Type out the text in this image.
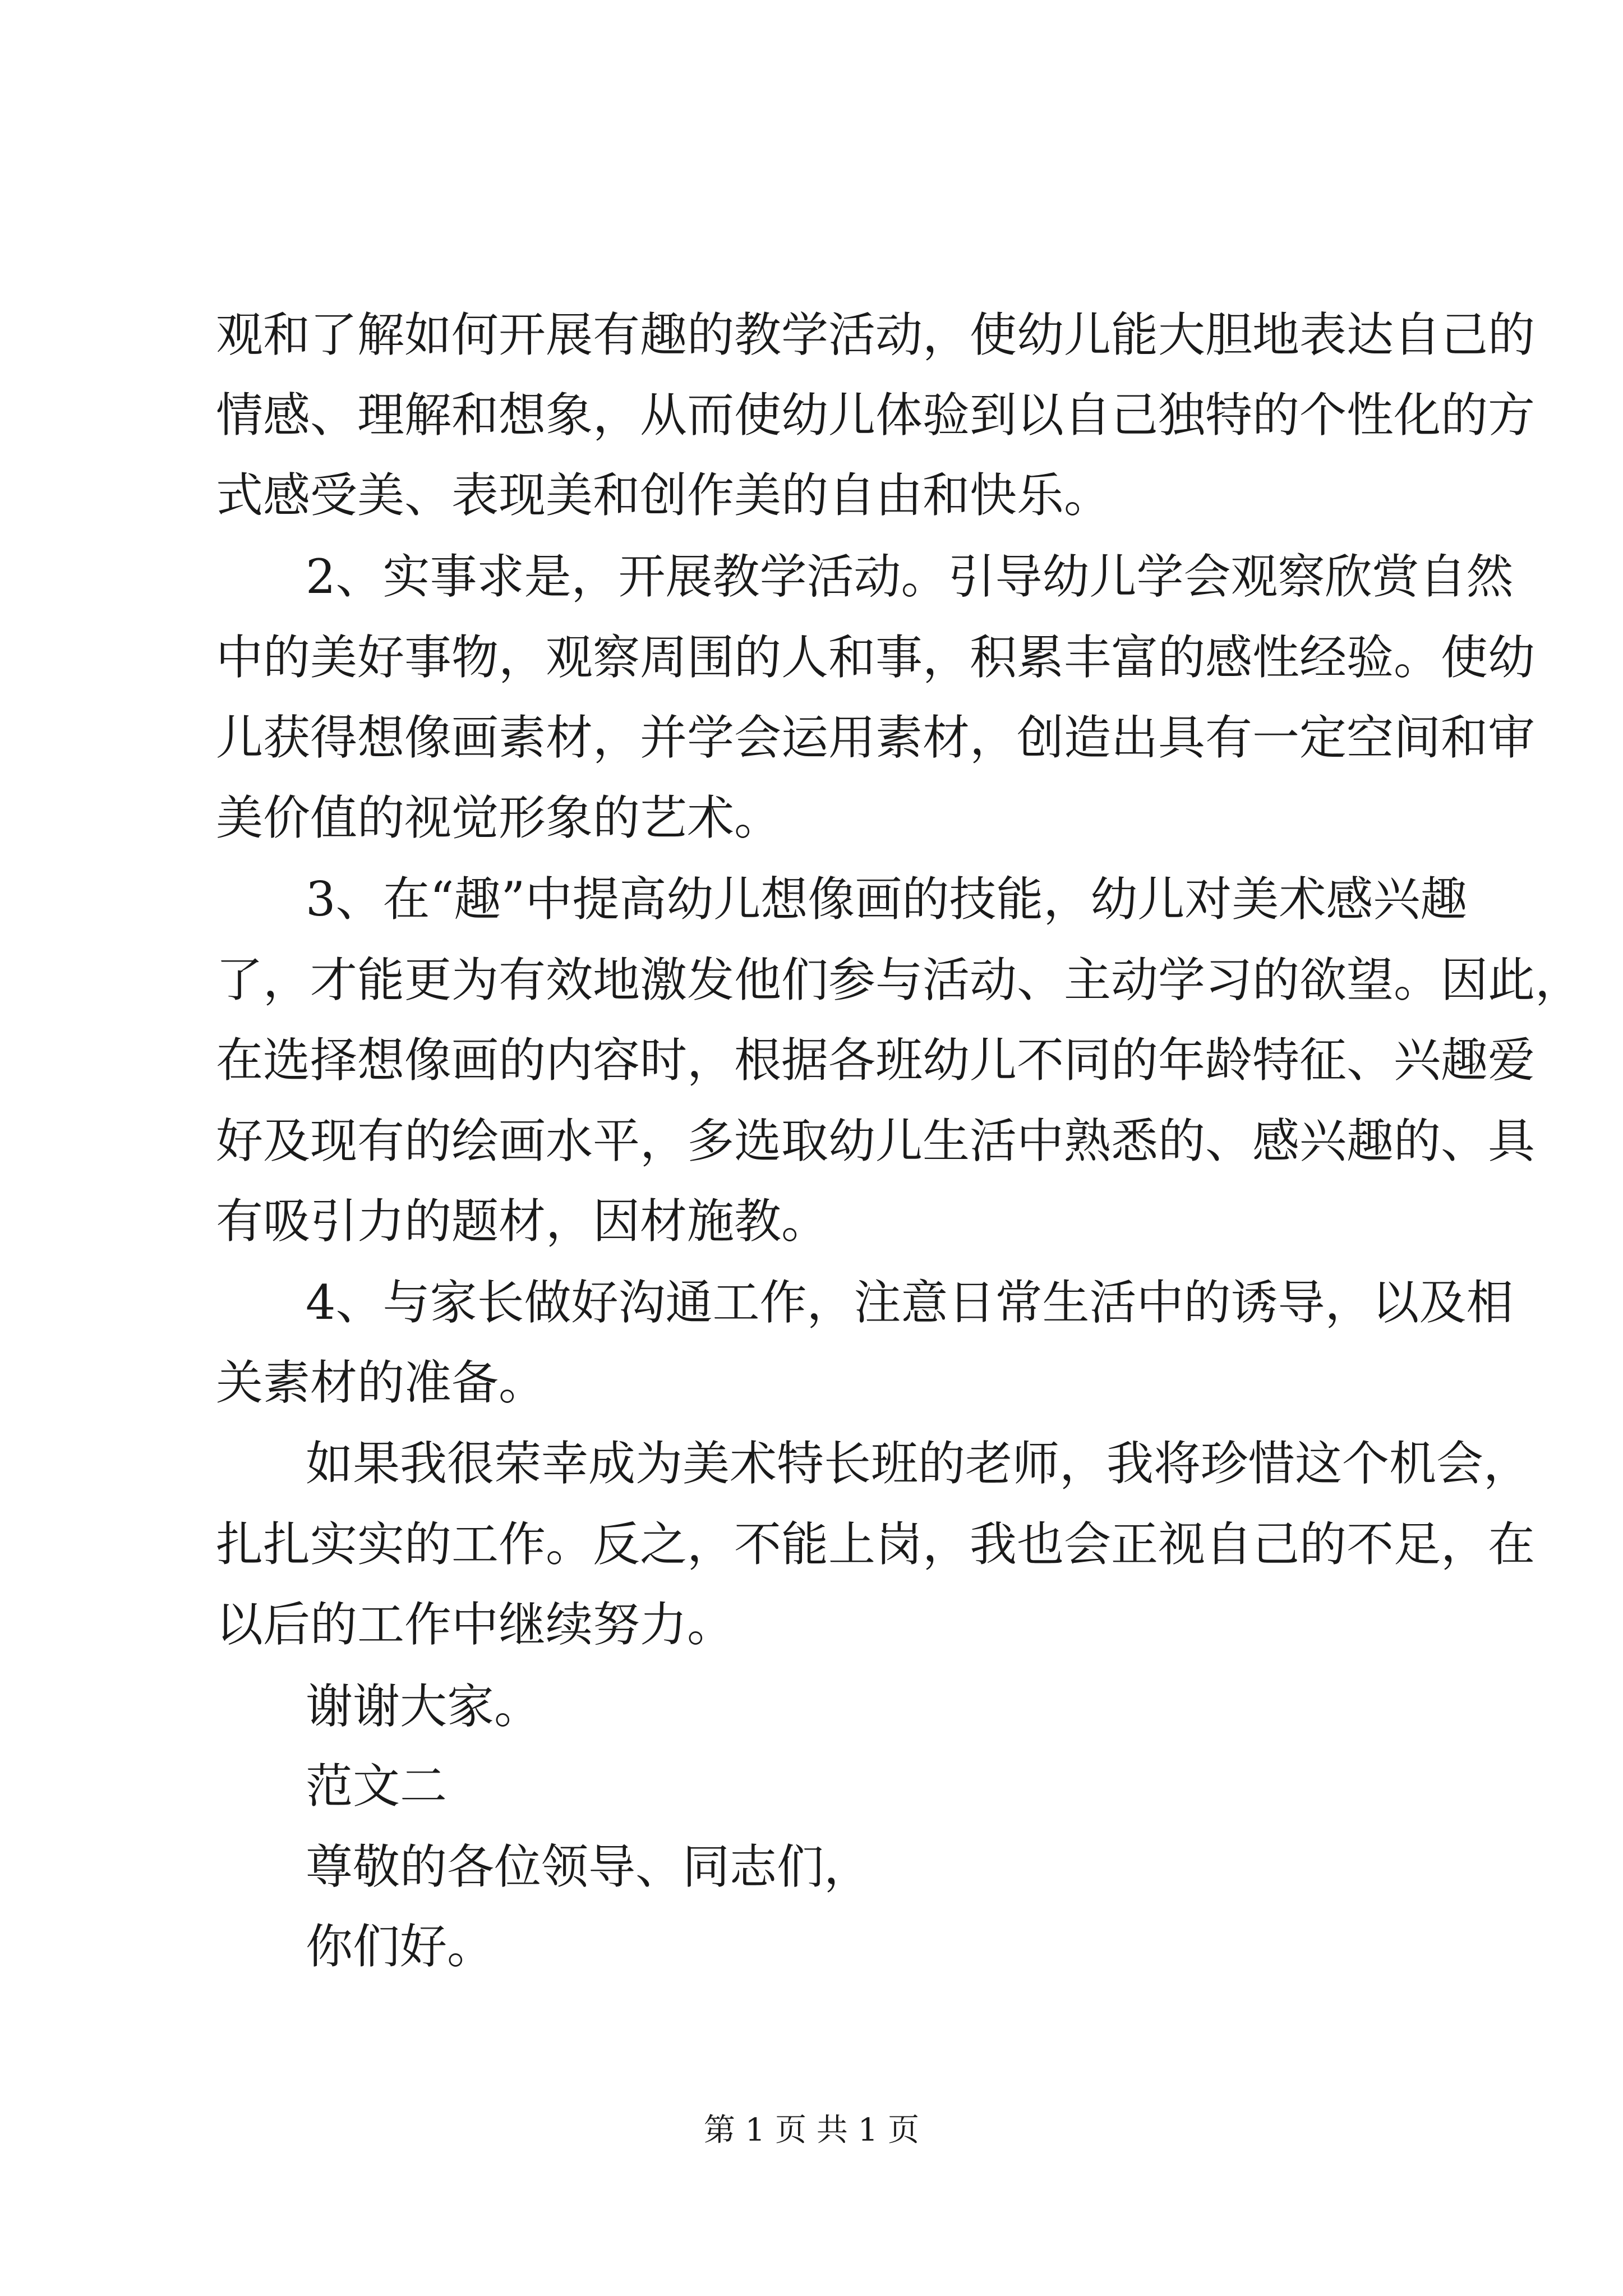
观和了解如何开展有趣的教学活动，使幼儿能大胆地表达自己的
情感、理解和想象，从而使幼儿体验到以自己独特的个性化的方
式感受美、表现美和创作美的自由和快乐。
2、实事求是，开展教学活动。引导幼儿学会观察欣赏自然
中的美好事物，观察周围的人和事，积累丰富的感性经验。使幼
儿获得想像画素材，并学会运用素材，创造出具有一定空间和审
美价值的视觉形象的艺术。
3、在“趣”中提高幼儿想像画的技能，幼儿对美术感兴趣
了，才能更为有效地激发他们参与活动、主动学习的欲望。因此，
在选择想像画的内容时，根据各班幼儿不同的年龄特征、兴趣爱
好及现有的绘画水平，多选取幼儿生活中熟悉的、感兴趣的、具
有吸引力的题材，因材施教。
4、与家长做好沟通工作，注意日常生活中的诱导，以及相
关素材的准备。
如果我很荣幸成为美术特长班的老师，我将珍惜这个机会，
扎扎实实的工作。反之，不能上岗，我也会正视自己的不足，在
以后的工作中继续努力。
谢谢大家。
范文二
尊敬的各位领导、同志们，
你们好。
第 1 页 共 1 页
